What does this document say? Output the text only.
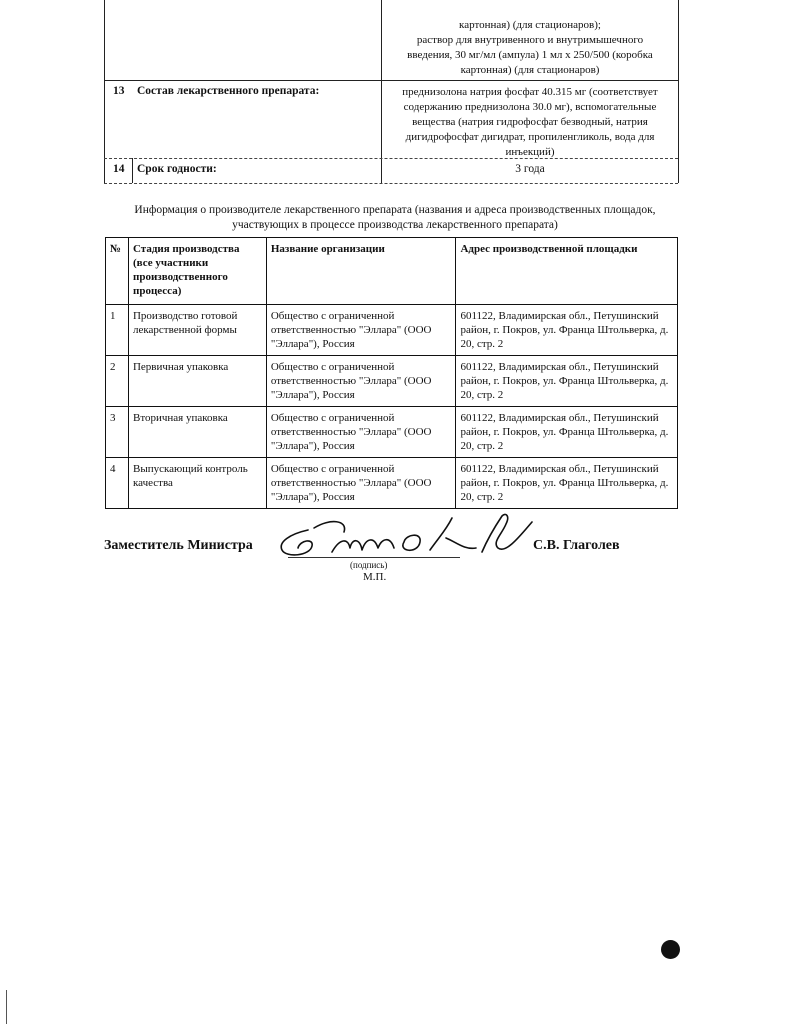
картонная) (для стационаров);
раствор для внутривенного и внутримышечного
введения, 30 мг/мл (ампула) 1 мл х 250/500 (коробка
картонная) (для стационаров)
13 Состав лекарственного препарата:	преднизолона натрия фосфат 40.315 мг (соответствует
содержанию преднизолона 30.0 мг), вспомогательные
вещества (натрия гидрофосфат безводный, натрия
дигидрофосфат дигидрат, пропиленгликоль, вода для
инъекций)
14 Срок годности:	3 года
Информация о производителе лекарственного препарата (названия и адреса производственных площадок,
участвующих в процессе производства лекарственного препарата)
№	Стадия производства (все участники производственного процесса)	Название организации	Адрес производственной площадки
1	Производство готовой лекарственной формы	Общество с ограниченной ответственностью "Эллара" (ООО "Эллара"), Россия	601122, Владимирская обл., Петушинский район, г. Покров, ул. Франца Штольверка, д. 20, стр. 2
2	Первичная упаковка	Общество с ограниченной ответственностью "Эллара" (ООО "Эллара"), Россия	601122, Владимирская обл., Петушинский район, г. Покров, ул. Франца Штольверка, д. 20, стр. 2
3	Вторичная упаковка	Общество с ограниченной ответственностью "Эллара" (ООО "Эллара"), Россия	601122, Владимирская обл., Петушинский район, г. Покров, ул. Франца Штольверка, д. 20, стр. 2
4	Выпускающий контроль качества	Общество с ограниченной ответственностью "Эллара" (ООО "Эллара"), Россия	601122, Владимирская обл., Петушинский район, г. Покров, ул. Франца Штольверка, д. 20, стр. 2
Заместитель Министра
(подпись)
М.П.
С.В. Глаголев
